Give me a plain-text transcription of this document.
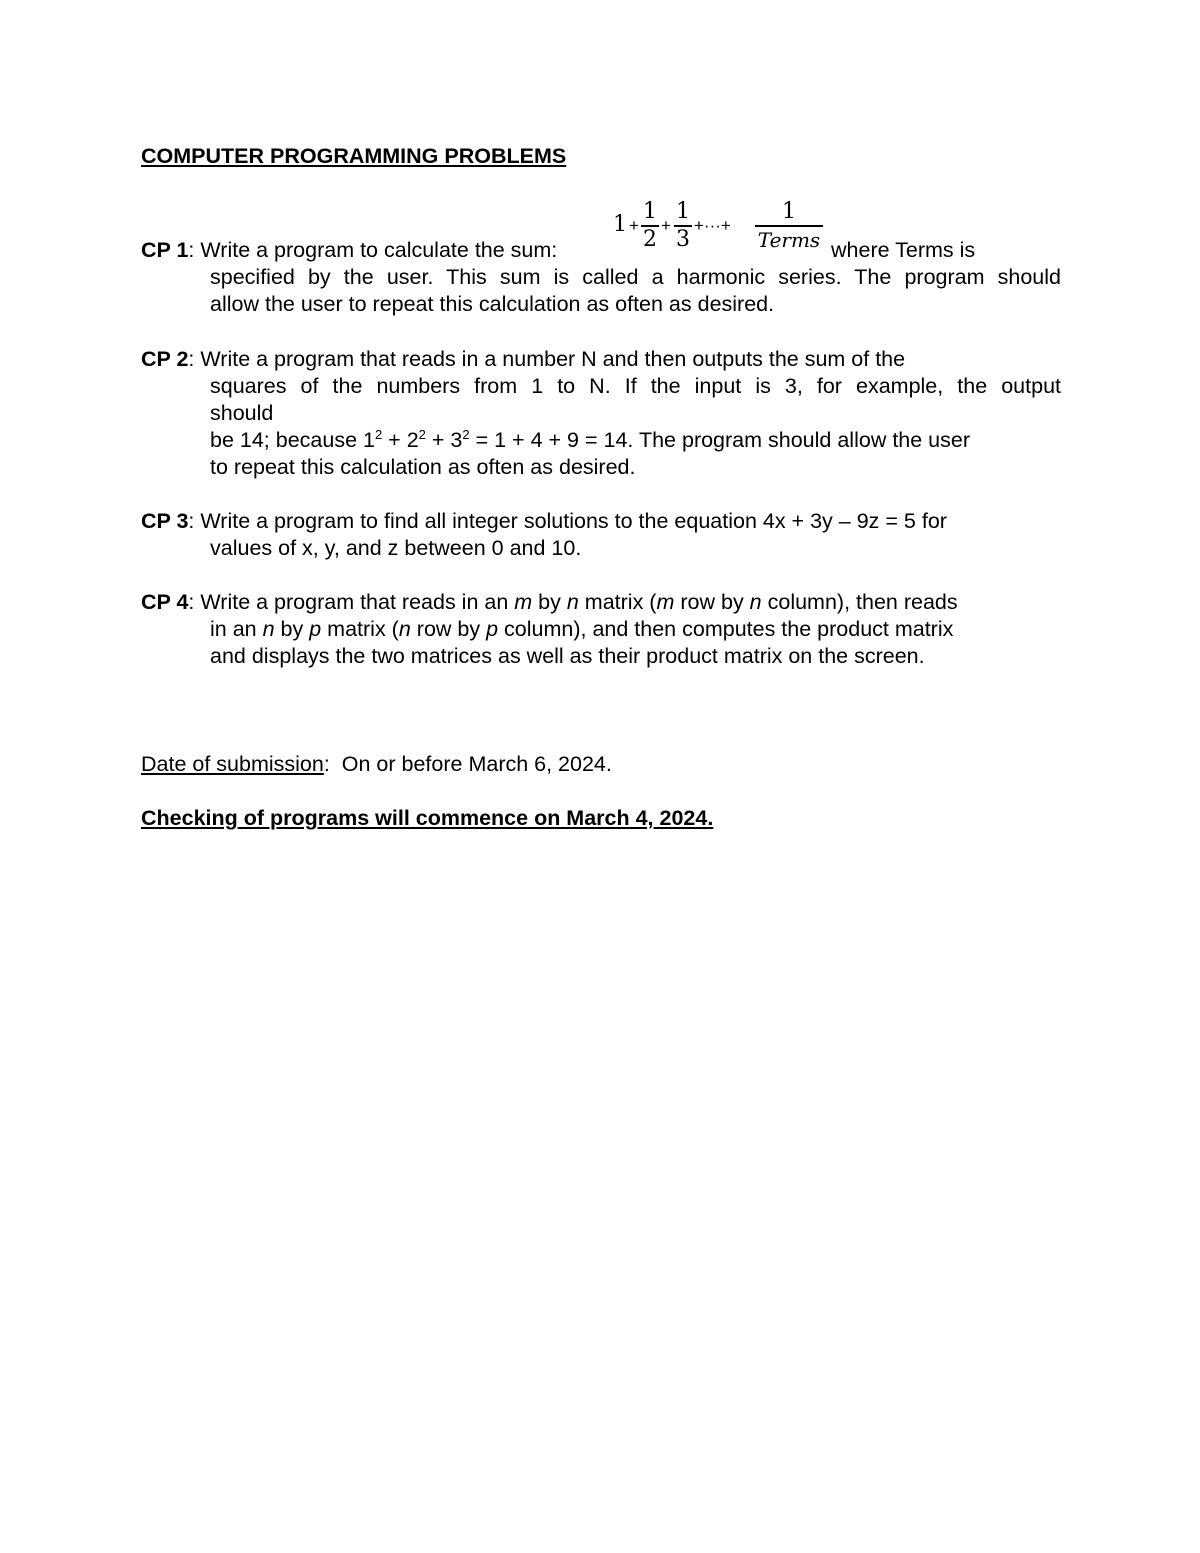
COMPUTER PROGRAMMING PROBLEMS
1 +
1
2
+
1
3
+···+
1
Terms
CP 1: Write a program to calculate the sum:
specified by the user. This sum is called a harmonic series. The program should
allow the user to repeat this calculation as often as desired.
where Terms is
CP 2: Write a program that reads in a number N and then outputs the sum of the
squares of the numbers from 1 to N. If the input is 3, for example, the output
should
be 14; because $1^2 + 2^2 + 3^2 = 1 + 4 + 9 = 14$. The program should allow the user
to repeat this calculation as often as desired.
CP 3: Write a program to find all integer solutions to the equation 4x + 3y – 9z = 5 for
values of x, y, and z between 0 and 10.
CP 4: Write a program that reads in an m by n matrix (m row by n column), then reads
in an n by p matrix (n row by p column), and then computes the product matrix
and displays the two matrices as well as their product matrix on the screen.
Date of submission:  On or before March 6, 2024.
Checking of programs will commence on March 4, 2024.
